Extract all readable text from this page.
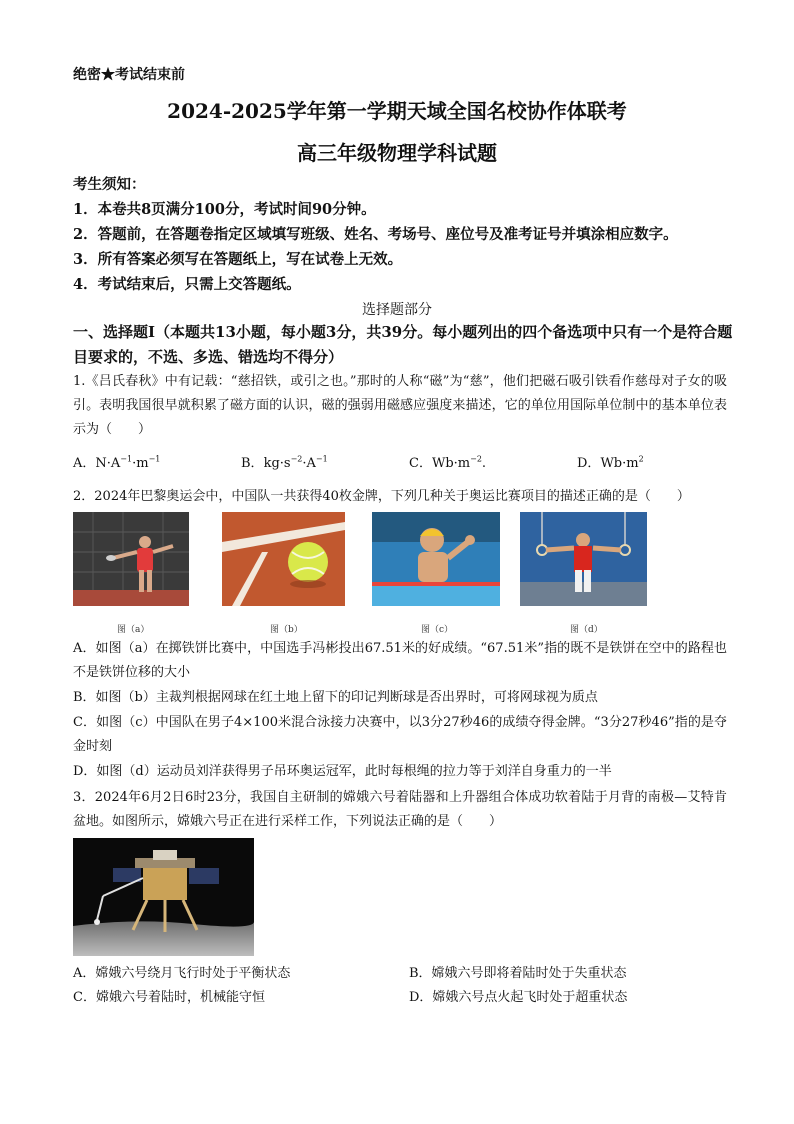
绝密★考试结束前
2024-2025学年第一学期天域全国名校协作体联考
高三年级物理学科试题
考生须知：
1．本卷共8页满分100分，考试时间90分钟。
2．答题前，在答题卷指定区域填写班级、姓名、考场号、座位号及准考证号并填涂相应数字。
3．所有答案必须写在答题纸上，写在试卷上无效。
4．考试结束后，只需上交答题纸。
选择题部分
一、选择题Ⅰ（本题共13小题，每小题3分，共39分。每小题列出的四个备选项中只有一个是符合题目要求的，不选、多选、错选均不得分）
1.《吕氏春秋》中有记载：“慈招铁，或引之也。”那时的人称“磁”为“慈”，他们把磁石吸引铁看作慈母对子女的吸引。表明我国很早就积累了磁方面的认识，磁的强弱用磁感应强度来描述，它的单位用国际单位制中的基本单位表示为（　　）
A．$N\cdot A^{-1}\cdot m^{-1}$	B．$kg\cdot s^{-2}\cdot A^{-1}$	C．$Wb\cdot m^{-2}$.	D．$Wb\cdot m^2$
2．2024年巴黎奥运会中，中国队一共获得40枚金牌，下列几种关于奥运比赛项目的描述正确的是（　　）
图（a）	图（b）	图（c）	图（d）
A．如图（a）在掷铁饼比赛中，中国选手冯彬投出67.51米的好成绩。“67.51米”指的既不是铁饼在空中的路程也不是铁饼位移的大小
B．如图（b）主裁判根据网球在红土地上留下的印记判断球是否出界时，可将网球视为质点
C．如图（c）中国队在男子4×100米混合泳接力决赛中，以3分27秒46的成绩夺得金牌。“3分27秒46”指的是夺金时刻
D．如图（d）运动员刘洋获得男子吊环奥运冠军，此时每根绳的拉力等于刘洋自身重力的一半
3．2024年6月2日6时23分，我国自主研制的嫦娥六号着陆器和上升器组合体成功软着陆于月背的南极—艾特肯盆地。如图所示，嫦娥六号正在进行采样工作，下列说法正确的是（　　）
A．嫦娥六号绕月飞行时处于平衡状态	B．嫦娥六号即将着陆时处于失重状态
C．嫦娥六号着陆时，机械能守恒	D．嫦娥六号点火起飞时处于超重状态
